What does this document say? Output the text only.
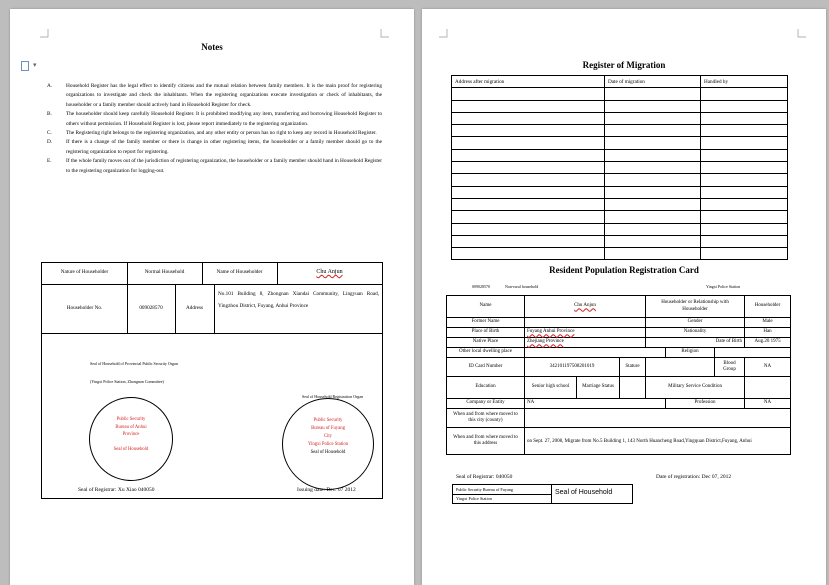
▾
Notes
A.	Household Register has the legal effect to identify citizens and the mutual relation between family members. It is the main proof for registering organizations to investigate and check the inhabitants. When the registering organizations execute investigation or check of inhabitants, the householder or a family member should actively hand in Household Register for check.
B.	The householder should keep carefully Household Register. It is prohibited modifying any item, transferring and borrowing Household Register to others without permission. If Household Register is lost, please report immediately to the registering organization.
C.	The Registering right belongs to the registering organization, and any other entity or person has no right to keep any record in Household Register.
D.	If there is a change of the family member or there is change in other registering items, the householder or a family member should go to the registering organization to report for registering.
E.	If the whole family moves out of the jurisdiction of registering organization, the householder or a family member should hand in Household Register to the registering organization for logging-out.
Nature of Householder	Normal Household	Name of Householder	Chu Anjun
Householder No.	009028570	Address
No.101 Building 8, Zhongnan Xiandai Community, Lingyuan Road, Yingzhou District, Fuyang, Anhui Province
Seal of Household of Provincial Public Security Organ
(Yingxi Police Station, Zhongnan Committee)
Public Security
Bureau of Anhui
Province

Seal of Household
Seal of Household Registration Organ
Public Security
Bureau of Fuyang
City
Yingxi Police Station
Seal of Household
Seal of Registrar: Xu Xiao 040050	Issuing date: Dec. 07 2012
Register of Migration
Address after migration	Date of migration	Handled by

Resident Population Registration Card
009028570	Non-rural household	Yingxi Police Station
Name	Chu Anjun			Householder or Relationship with Householder			Householder
Former Name				Gender			Male
Place of Birth	Fuyang Anhui Province			Nationality			Han
Native Place	Zhejiang Province			Date of Birth			Aug.20 1975
Other local dwelling place					Religion		
ID Card Number	342101197508201019		Stature			Blood Group	NA
Education	Senior high school	Marriage Status		Military Service Condition			
Company or Entity	NA				Profession		NA
When and from where moved to this city (county)							
When and from where moved to this address	on Sept. 27, 2008, Migrate from No.5 Building 1, 143 North Huancheng Road,Yingquan District,Fuyang, Anhui						
Seal of Registrar: 040050	Date of registration: Dec 07, 2012
Public Security Bureau of Fuyang
Yingxi Police Station
Seal of Household
